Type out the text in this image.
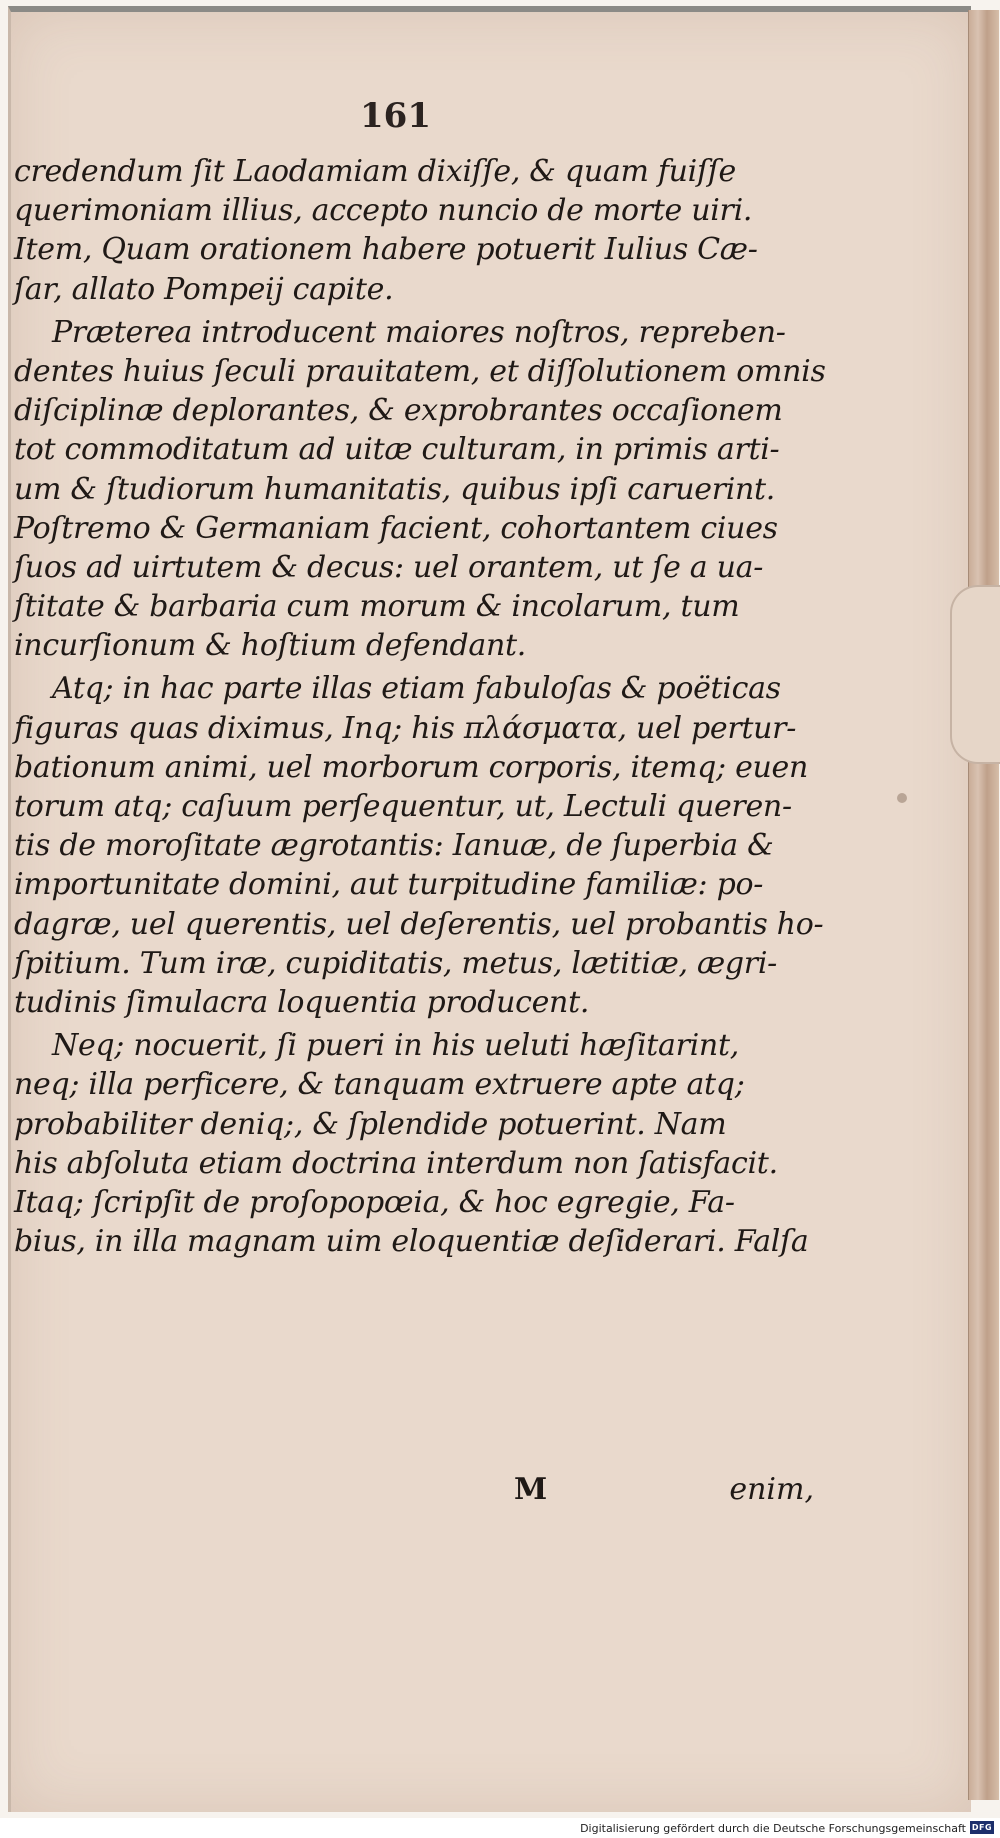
161
credendum ſit Laodamiam dixiſſe, & quam fuiſſe
querimoniam illius, accepto nuncio de morte uiri.
Item, Quam orationem habere potuerit Iulius Cæ-
ſar, allato Pompeij capite.
Præterea introducent maiores noſtros, repreben-
dentes huius ſeculi prauitatem, et diſſolutionem omnis
diſciplinæ deplorantes, & exprobrantes occaſionem
tot commoditatum ad uitæ culturam, in primis arti-
um & ſtudiorum humanitatis, quibus ipſi caruerint.
Poſtremo & Germaniam facient, cohortantem ciues
ſuos ad uirtutem & decus: uel orantem, ut ſe a ua-
ſtitate & barbaria cum morum & incolarum, tum
incurſionum & hoſtium defendant.
Atq; in hac parte illas etiam fabuloſas & poëticas
figuras quas diximus, Inq; his πλάσματα, uel pertur-
bationum animi, uel morborum corporis, itemq; euen
torum atq; caſuum perſequentur, ut, Lectuli queren-
tis de moroſitate ægrotantis: Ianuæ, de ſuperbia &
importunitate domini, aut turpitudine familiæ: po-
dagræ, uel querentis, uel deſerentis, uel probantis ho-
ſpitium. Tum iræ, cupiditatis, metus, lætitiæ, ægri-
tudinis ſimulacra loquentia producent.
Neq; nocuerit, ſi pueri in his ueluti hæſitarint,
neq; illa perficere, & tanquam extruere apte atq;
probabiliter deniq;, & ſplendide potuerint. Nam
his abſoluta etiam doctrina interdum non ſatisfacit.
Itaq; ſcripſit de proſopopœia, & hoc egregie, Fa-
bius, in illa magnam uim eloquentiæ deſiderari. Falſa
M	enim,
Digitalisierung gefördert durch die Deutsche Forschungsgemeinschaft DFG
